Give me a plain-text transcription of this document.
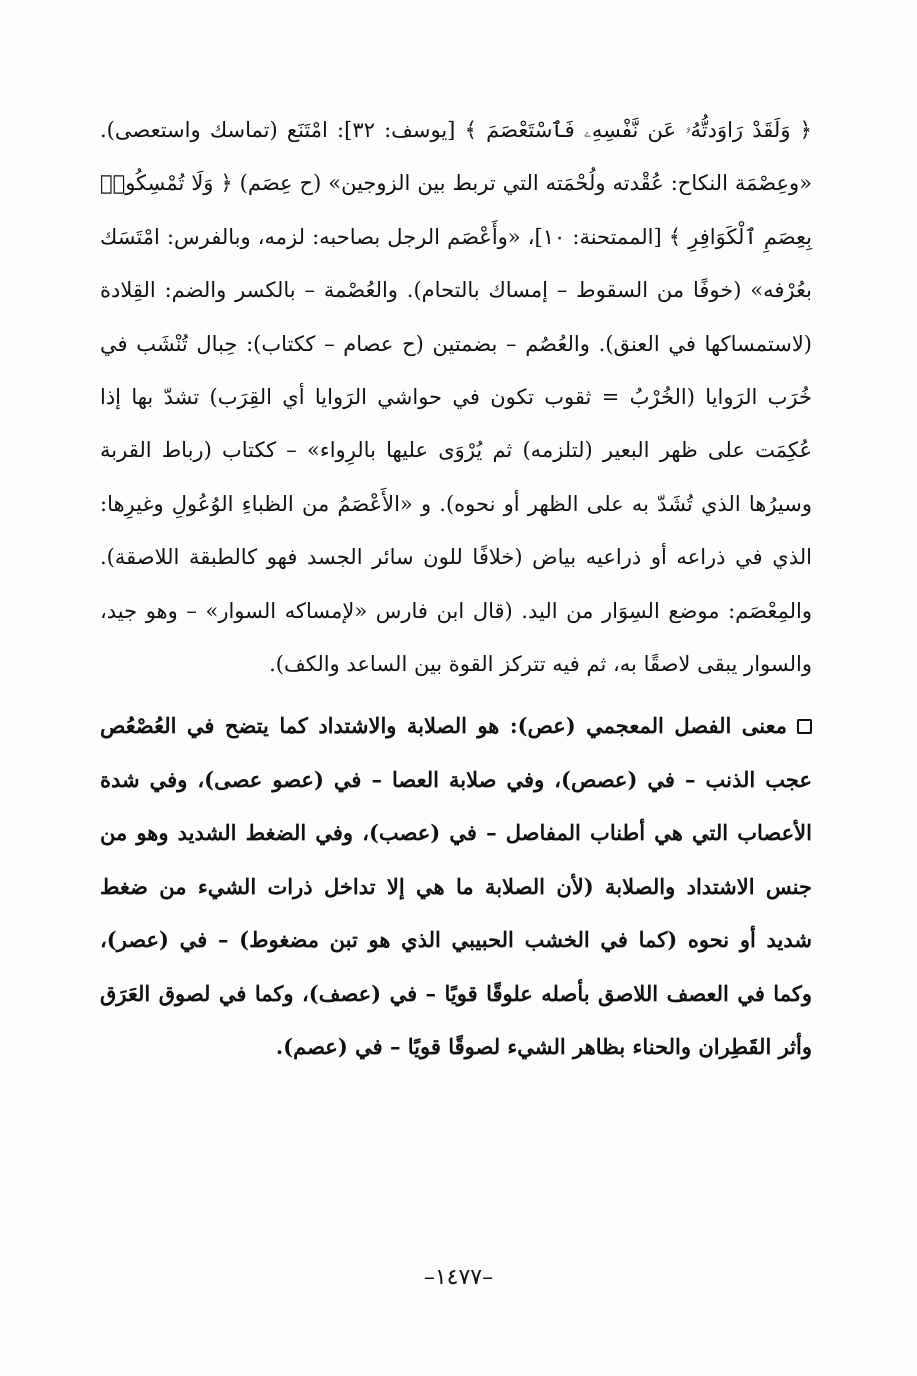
﴿ وَلَقَدْ رَاوَدتُّهُۥ عَن نَّفْسِهِۦ فَٱسْتَعْصَمَ ﴾ [يوسف: ٣٢]: امْتَنَع (تماسك واستعصى). «وعِصْمَة النكاح: عُقْدته ولُحْمَته التي تربط بين الزوجين» (ح عِصَم) ﴿ وَلَا تُمْسِكُوا۟ بِعِصَمِ ٱلْكَوَافِرِ ﴾ [الممتحنة: ١٠]، «وأَعْصَم الرجل بصاحبه: لزمه، وبالفرس: امْتَسَك بعُرْفه» (خوفًا من السقوط – إمساك بالتحام). والعُصْمة – بالكسر والضم: القِلادة (لاستمساكها في العنق). والعُصُم – بضمتين (ح عصام – ككتاب): حِبال تُنْشَب في خُرَب الرَوايا (الخُرْبُ = ثقوب تكون في حواشي الرَوايا أي القِرَب) تشدّ بها إذا عُكِمَت على ظهر البعير (لتلزمه) ثم يُرْوَى عليها بالرِواء» – ككتاب (رباط القربة وسيرُها الذي تُشَدّ به على الظهر أو نحوه). و «الأَعْصَمُ من الظباءِ الوُعُولِ وغيرِها: الذي في ذراعه أو ذراعيه بياض (خلافًا للون سائر الجسد فهو كالطبقة اللاصقة). والمِعْصَم: موضع السِوَار من اليد. (قال ابن فارس «لإمساكه السوار» – وهو جيد، والسوار يبقى لاصقًا به، ثم فيه تتركز القوة بين الساعد والكف).

معنى الفصل المعجمي (عص): هو الصلابة والاشتداد كما يتضح في العُصْعُص عجب الذنب – في (عصص)، وفي صلابة العصا – في (عصو عصى)، وفي شدة الأعصاب التي هي أطناب المفاصل – في (عصب)، وفي الضغط الشديد وهو من جنس الاشتداد والصلابة (لأن الصلابة ما هي إلا تداخل ذرات الشيء من ضغط شديد أو نحوه (كما في الخشب الحبيبي الذي هو تبن مضغوط) – في (عصر)، وكما في العصف اللاصق بأصله علوقًا قويًا – في (عصف)، وكما في لصوق العَرَق وأثر القَطِران والحناء بظاهر الشيء لصوقًا قويًا – في (عصم).

–١٤٧٧–
